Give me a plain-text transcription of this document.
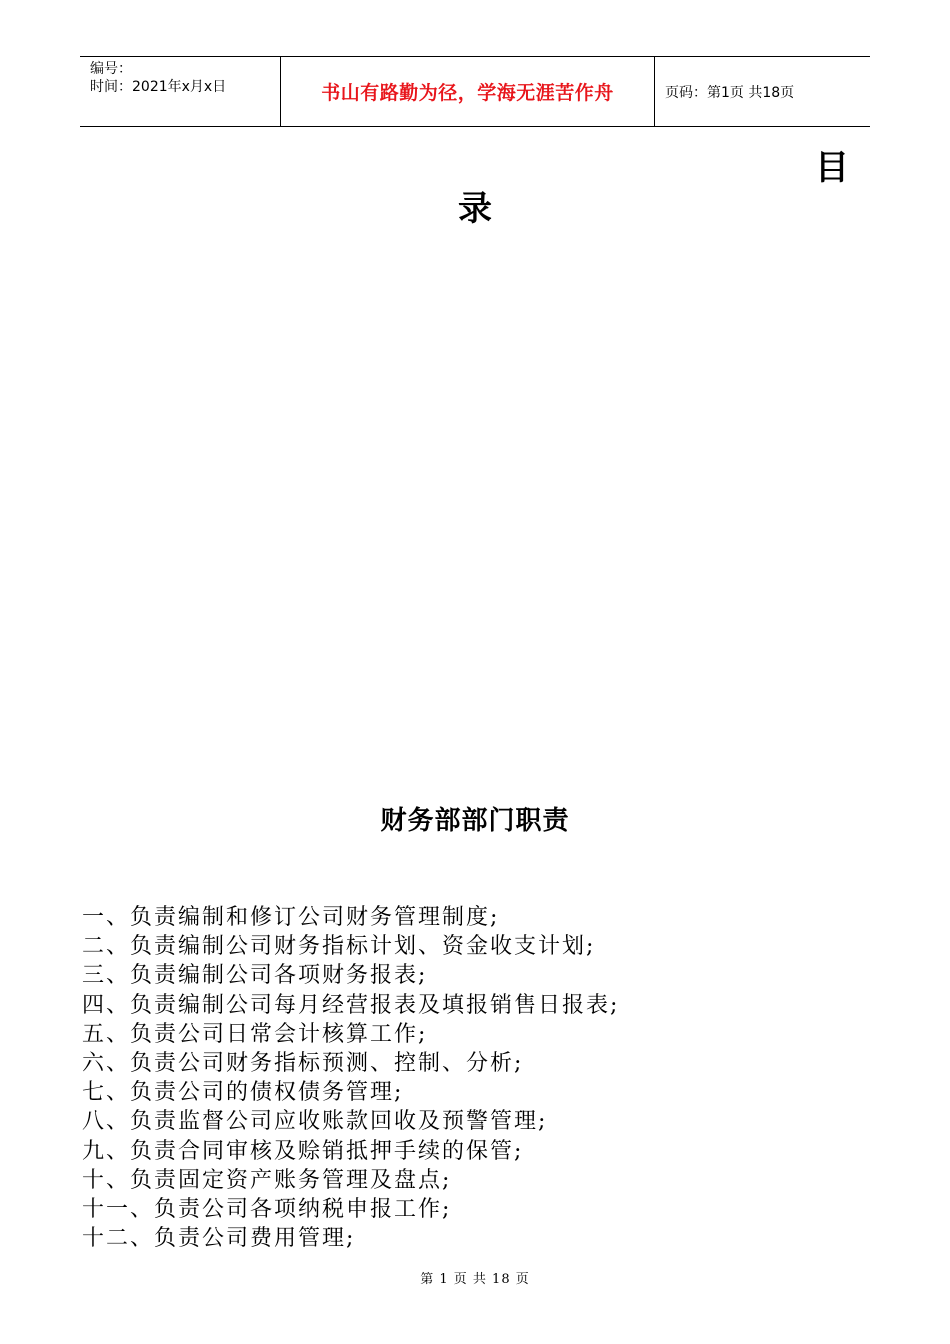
编号：
时间：2021年x月x日	书山有路勤为径，学海无涯苦作舟	页码：第1页 共18页
目
录
财务部部门职责
一、负责编制和修订公司财务管理制度;
二、负责编制公司财务指标计划、资金收支计划;
三、负责编制公司各项财务报表;
四、负责编制公司每月经营报表及填报销售日报表;
五、负责公司日常会计核算工作;
六、负责公司财务指标预测、控制、分析;
七、负责公司的债权债务管理;
八、负责监督公司应收账款回收及预警管理;
九、负责合同审核及赊销抵押手续的保管;
十、负责固定资产账务管理及盘点;
十一、负责公司各项纳税申报工作;
十二、负责公司费用管理;
第 1 页 共 18 页
